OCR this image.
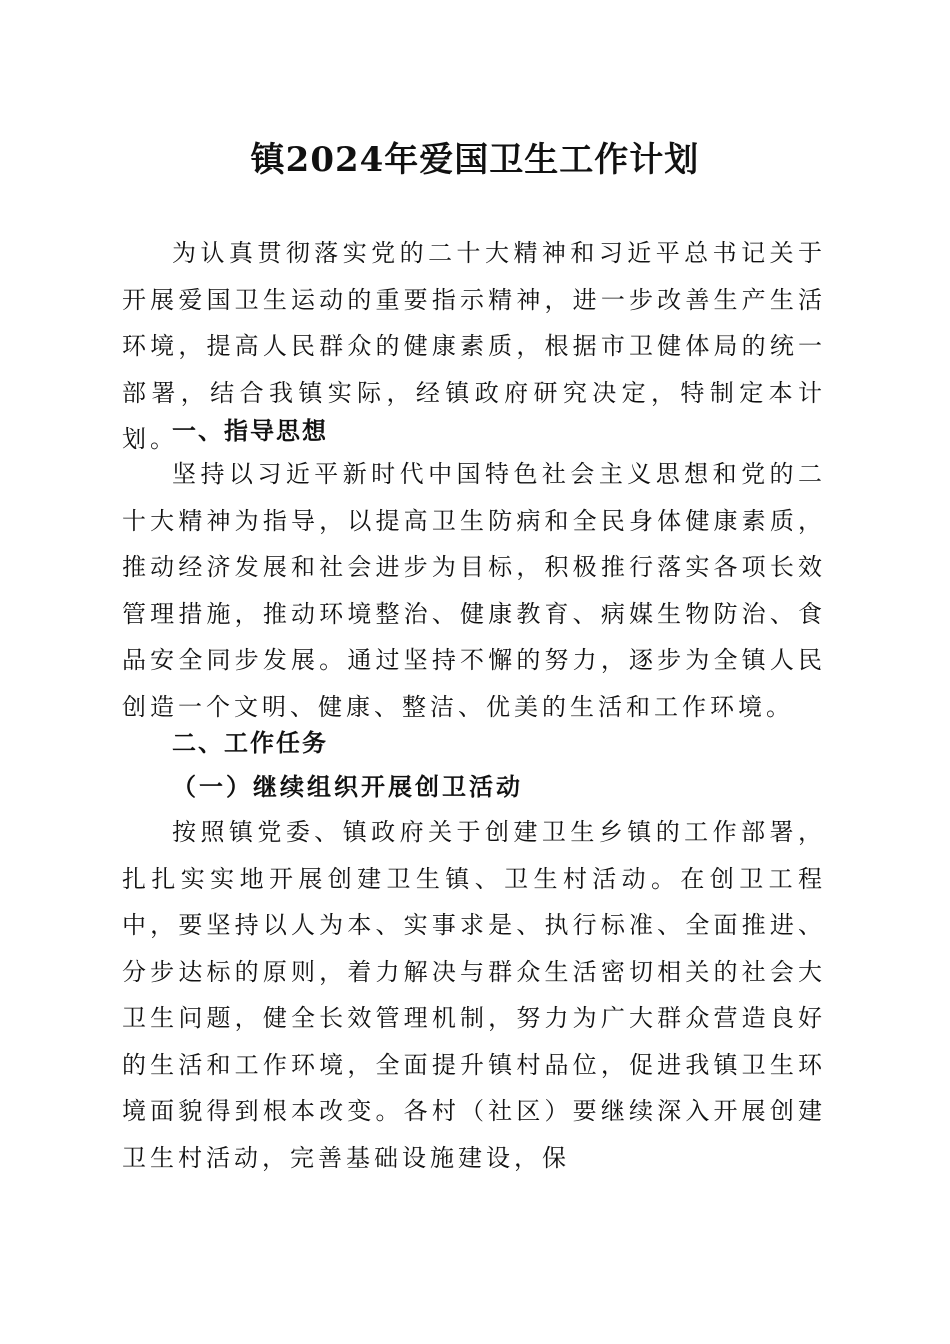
镇2024年爱国卫生工作计划

为认真贯彻落实党的二十大精神和习近平总书记关于开展爱国卫生运动的重要指示精神，进一步改善生产生活环境，提高人民群众的健康素质，根据市卫健体局的统一部署，结合我镇实际，经镇政府研究决定，特制定本计划。

一、指导思想

坚持以习近平新时代中国特色社会主义思想和党的二十大精神为指导，以提高卫生防病和全民身体健康素质，推动经济发展和社会进步为目标，积极推行落实各项长效管理措施，推动环境整治、健康教育、病媒生物防治、食品安全同步发展。通过坚持不懈的努力，逐步为全镇人民创造一个文明、健康、整洁、优美的生活和工作环境。

二、工作任务
（一）继续组织开展创卫活动

按照镇党委、镇政府关于创建卫生乡镇的工作部署，扎扎实实地开展创建卫生镇、卫生村活动。在创卫工程中，要坚持以人为本、实事求是、执行标准、全面推进、分步达标的原则，着力解决与群众生活密切相关的社会大卫生问题，健全长效管理机制，努力为广大群众营造良好的生活和工作环境，全面提升镇村品位，促进我镇卫生环境面貌得到根本改变。各村（社区）要继续深入开展创建卫生村活动，完善基础设施建设，保
